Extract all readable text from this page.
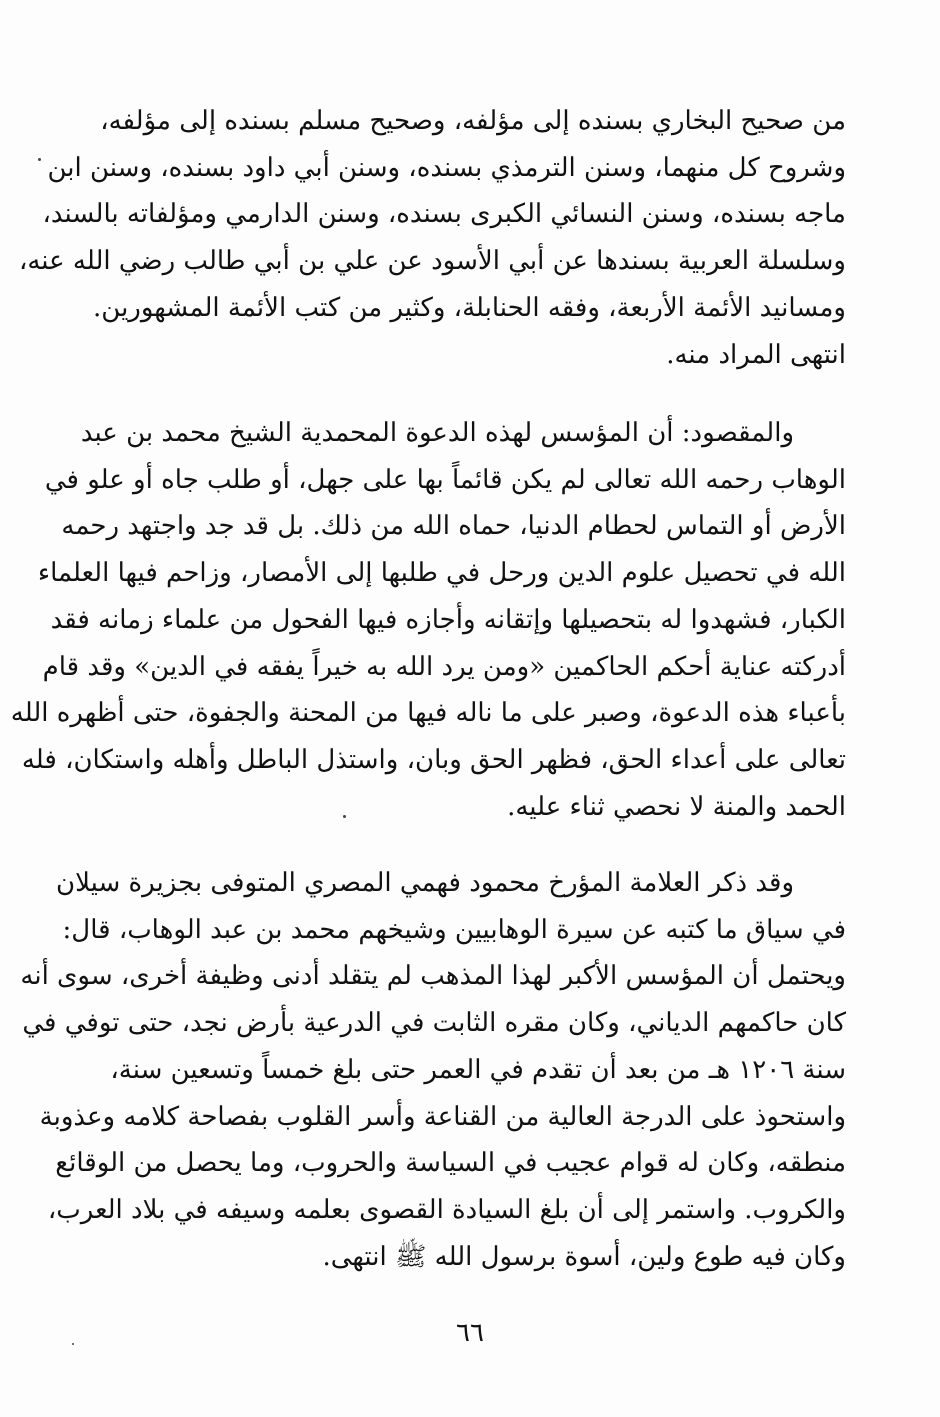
من صحيح البخاري بسنده إلى مؤلفه، وصحيح مسلم بسنده إلى مؤلفه،
وشروح كل منهما، وسنن الترمذي بسنده، وسنن أبي داود بسنده، وسنن ابن
ماجه بسنده، وسنن النسائي الكبرى بسنده، وسنن الدارمي ومؤلفاته بالسند،
وسلسلة العربية بسندها عن أبي الأسود عن علي بن أبي طالب رضي الله عنه،
ومسانيد الأئمة الأربعة، وفقه الحنابلة، وكثير من كتب الأئمة المشهورين.
انتهى المراد منه.
والمقصود: أن المؤسس لهذه الدعوة المحمدية الشيخ محمد بن عبد
الوهاب رحمه الله تعالى لم يكن قائماً بها على جهل، أو طلب جاه أو علو في
الأرض أو التماس لحطام الدنيا، حماه الله من ذلك. بل قد جد واجتهد رحمه
الله في تحصيل علوم الدين ورحل في طلبها إلى الأمصار، وزاحم فيها العلماء
الكبار، فشهدوا له بتحصيلها وإتقانه وأجازه فيها الفحول من علماء زمانه فقد
أدركته عناية أحكم الحاكمين «ومن يرد الله به خيراً يفقه في الدين» وقد قام
بأعباء هذه الدعوة، وصبر على ما ناله فيها من المحنة والجفوة، حتى أظهره الله
تعالى على أعداء الحق، فظهر الحق وبان، واستذل الباطل وأهله واستكان، فله
الحمد والمنة لا نحصي ثناء عليه.
وقد ذكر العلامة المؤرخ محمود فهمي المصري المتوفى بجزيرة سيلان
في سياق ما كتبه عن سيرة الوهابيين وشيخهم محمد بن عبد الوهاب، قال:
ويحتمل أن المؤسس الأكبر لهذا المذهب لم يتقلد أدنى وظيفة أخرى، سوى أنه
كان حاكمهم الدياني، وكان مقره الثابت في الدرعية بأرض نجد، حتى توفي في
سنة ١٢٠٦ هـ من بعد أن تقدم في العمر حتى بلغ خمساً وتسعين سنة،
واستحوذ على الدرجة العالية من القناعة وأسر القلوب بفصاحة كلامه وعذوبة
منطقه، وكان له قوام عجيب في السياسة والحروب، وما يحصل من الوقائع
والكروب. واستمر إلى أن بلغ السيادة القصوى بعلمه وسيفه في بلاد العرب،
وكان فيه طوع ولين، أسوة برسول الله ﷺ انتهى.
٦٦
